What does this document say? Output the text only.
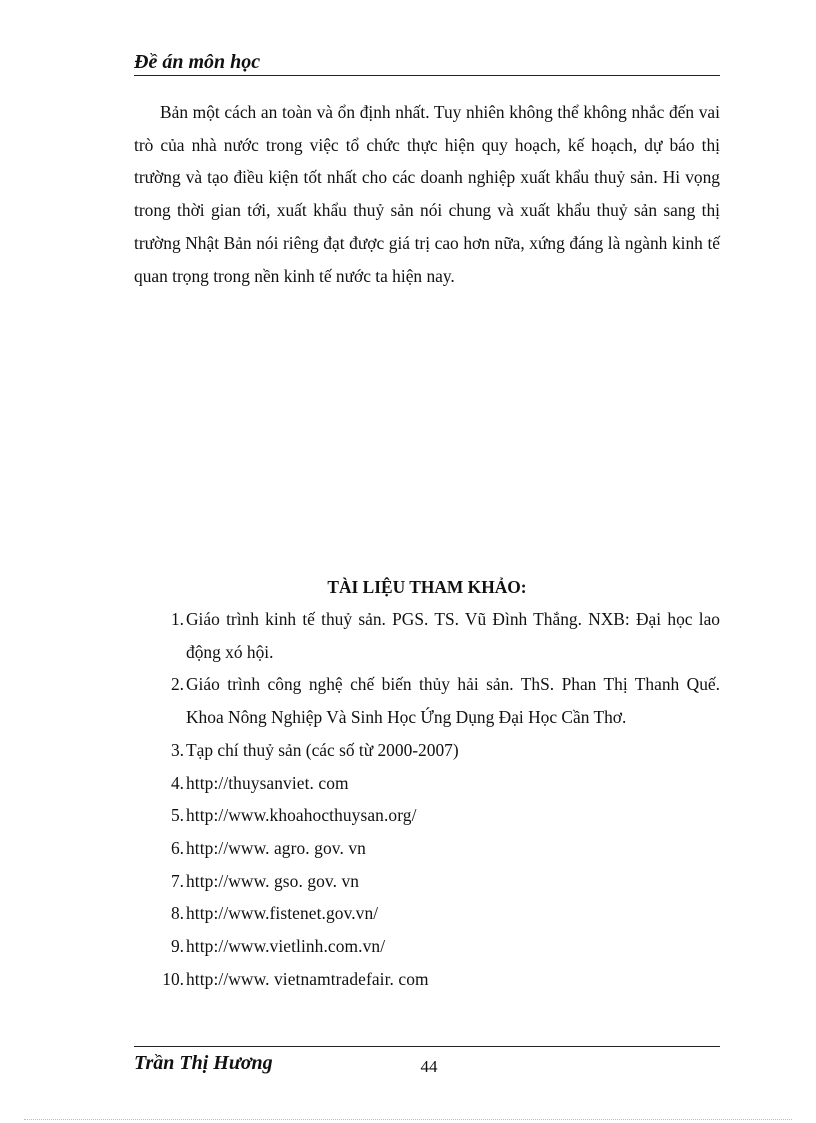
Đề án môn học

Bản một cách an toàn và ổn định nhất. Tuy nhiên không thể không nhắc đến vai trò của nhà nước trong việc tổ chức thực hiện quy hoạch, kế hoạch, dự báo thị trường và tạo điều kiện tốt nhất cho các doanh nghiệp xuất khẩu thuỷ sản. Hi vọng trong thời gian tới, xuất khẩu thuỷ sản nói chung và xuất khẩu thuỷ sản sang thị trường Nhật Bản nói riêng đạt được giá trị cao hơn nữa, xứng đáng là ngành kinh tế quan trọng trong nền kinh tế nước ta hiện nay.

TÀI LIỆU THAM KHẢO:
1. Giáo trình kinh tế thuỷ sản. PGS. TS. Vũ Đình Thắng. NXB: Đại học lao động xó hội.
2. Giáo trình công nghệ chế biến thủy hải sản. ThS. Phan Thị Thanh Quế. Khoa Nông Nghiệp Và Sinh Học Ứng Dụng Đại Học Cần Thơ.
3. Tạp chí thuỷ sản (các số từ 2000-2007)
4. http://thuysanviet. com
5. http://www.khoahocthuysan.org/
6. http://www. agro. gov. vn
7. http://www. gso. gov. vn
8. http://www.fistenet.gov.vn/
9. http://www.vietlinh.com.vn/
10. http://www. vietnamtradefair. com
Trần Thị Hương	44
